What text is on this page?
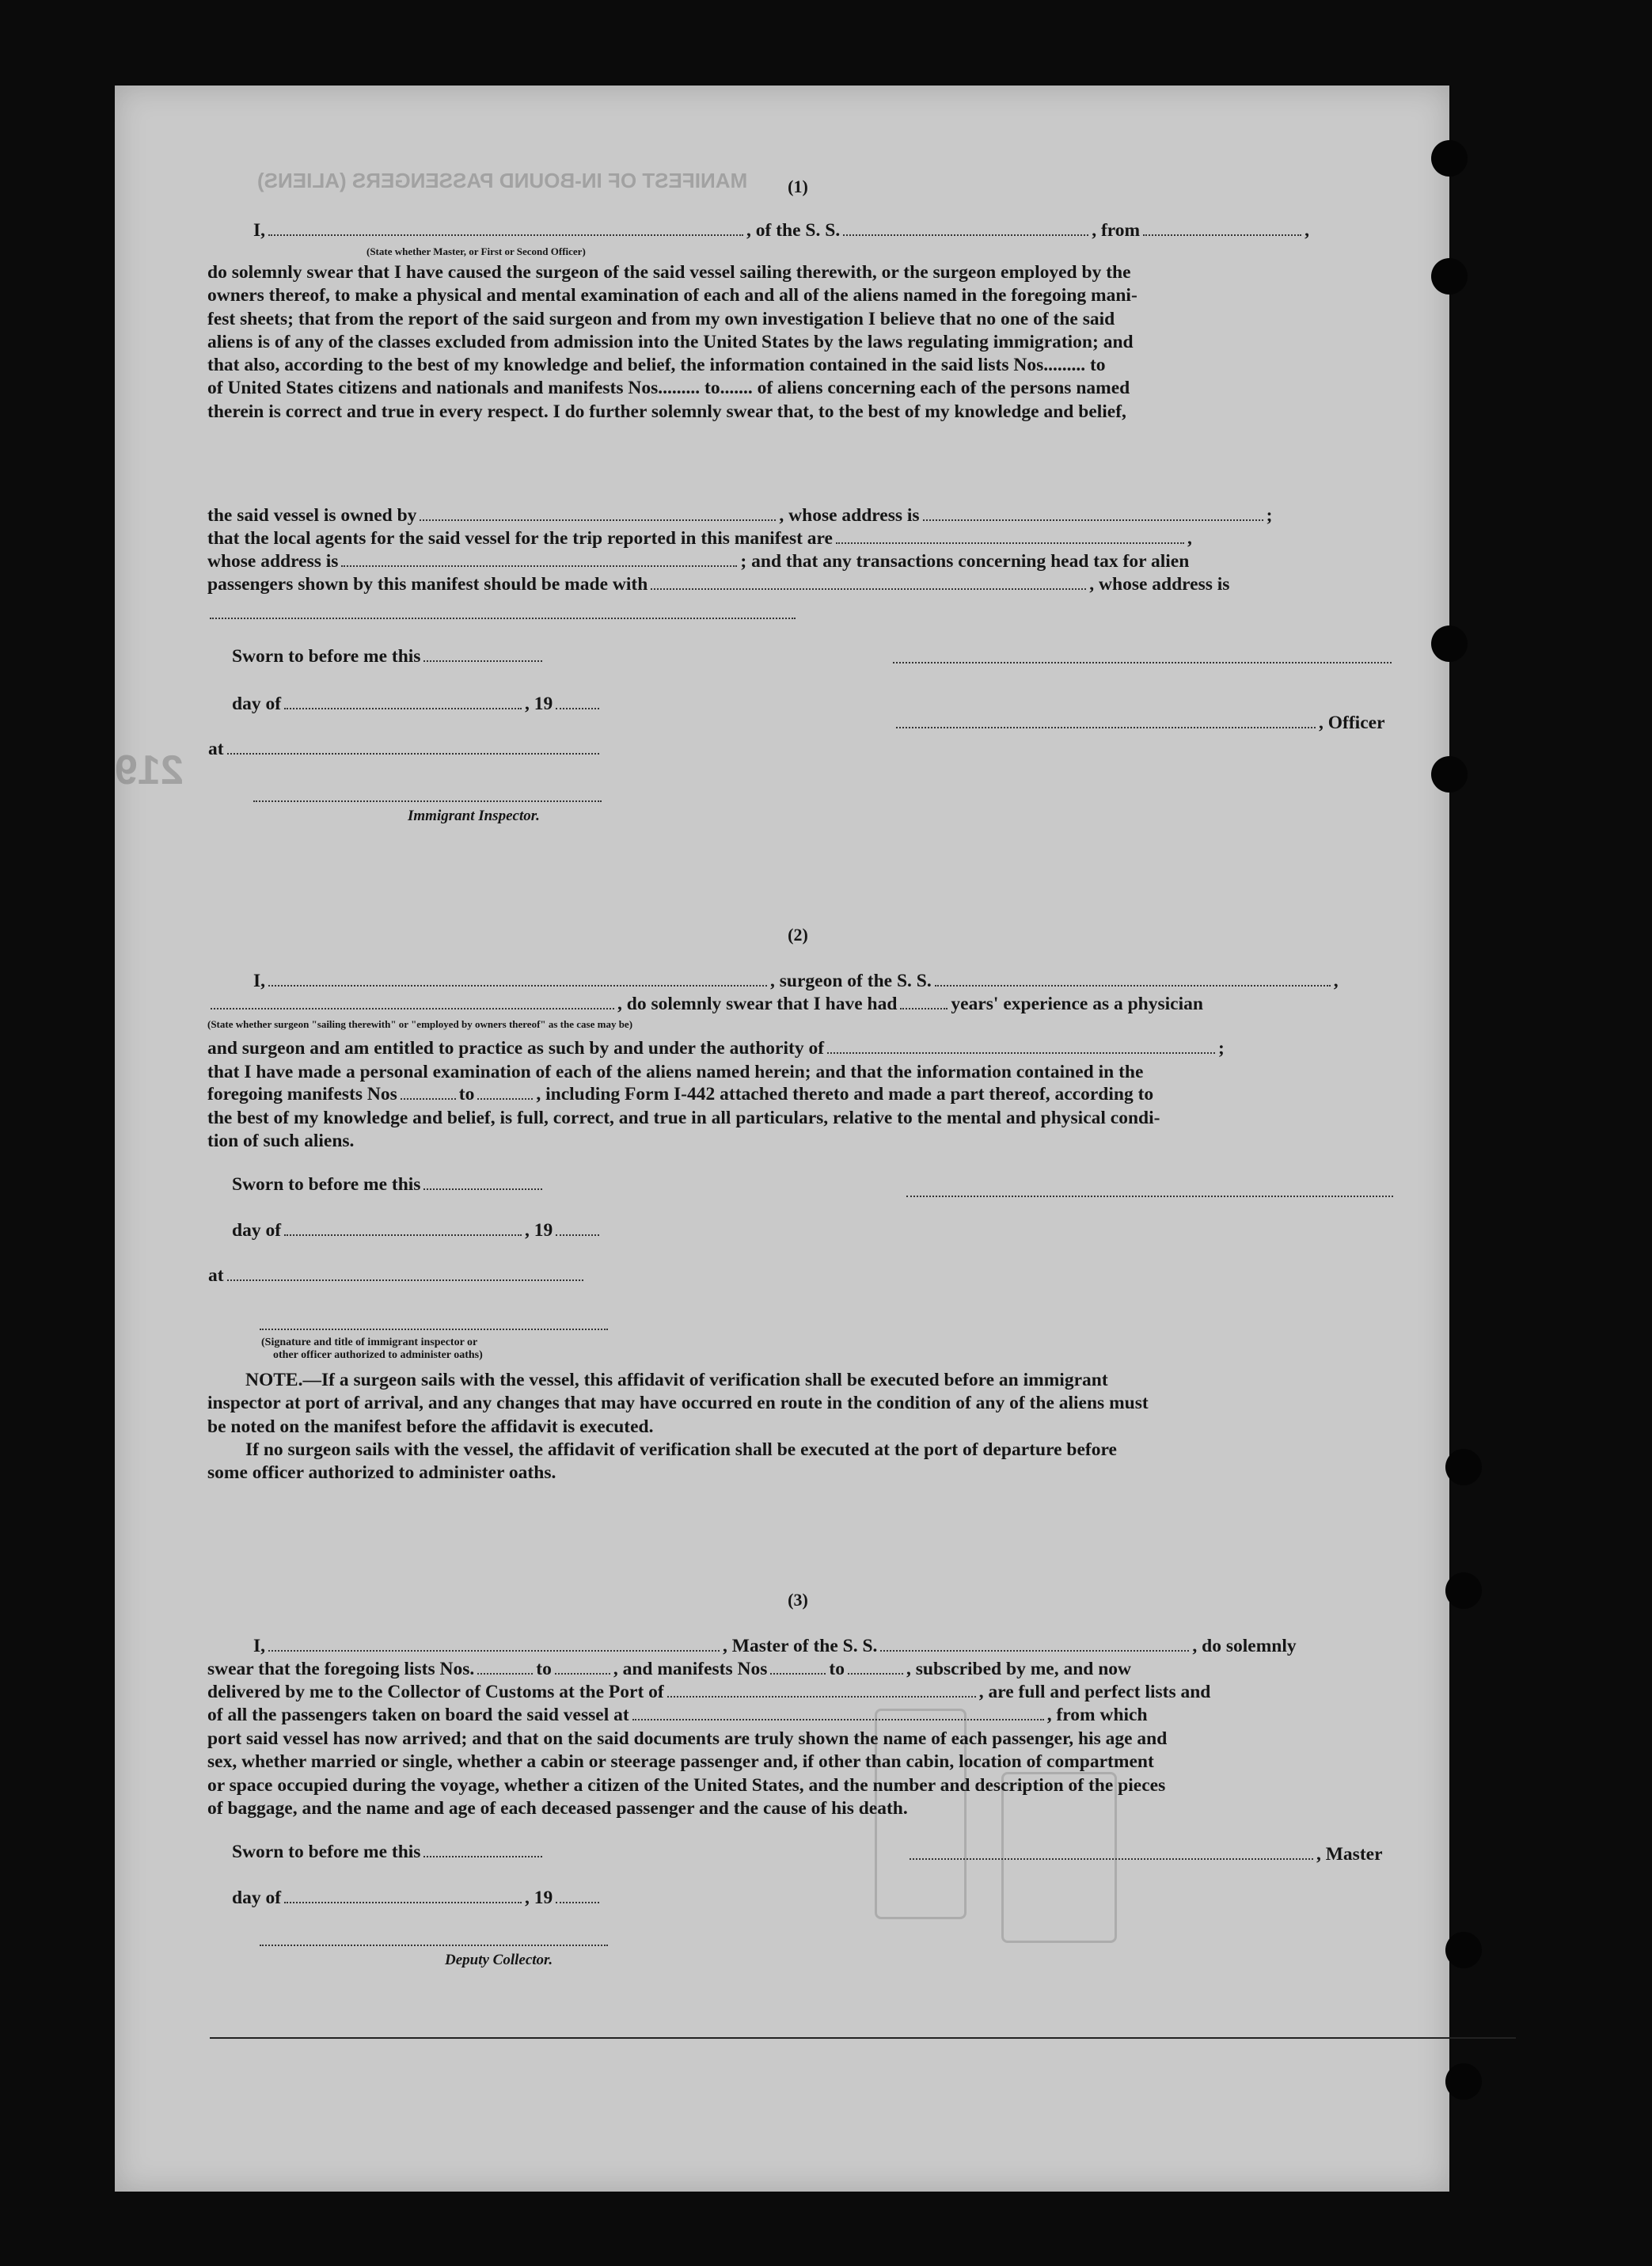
MANIFEST OF IN-BOUND PASSENGERS (ALIENS)
219
(1)
I,	, of the S. S.	, from	,
(State whether Master, or First or Second Officer)
do solemnly swear that I have caused the surgeon of the said vessel sailing therewith, or the surgeon employed by the
owners thereof, to make a physical and mental examination of each and all of the aliens named in the foregoing mani-
fest sheets; that from the report of the said surgeon and from my own investigation I believe that no one of the said
aliens is of any of the classes excluded from admission into the United States by the laws regulating immigration; and
that also, according to the best of my knowledge and belief, the information contained in the said lists Nos......... to
of United States citizens and nationals and manifests Nos......... to....... of aliens concerning each of the persons named
therein is correct and true in every respect. I do further solemnly swear that, to the best of my knowledge and belief,
the said vessel is owned by	, whose address is	;
that the local agents for the said vessel for the trip reported in this manifest are	,
whose address is	; and that any transactions concerning head tax for alien
passengers shown by this manifest should be made with	, whose address is
Sworn to before me this
day of	, 19
, Officer
at
Immigrant Inspector.
(2)
I,	, surgeon of the S. S.	,
, do solemnly swear that I have had	years' experience as a physician
(State whether surgeon "sailing therewith" or "employed by owners thereof" as the case may be)
and surgeon and am entitled to practice as such by and under the authority of	;
that I have made a personal examination of each of the aliens named herein; and that the information contained in the
foregoing manifests Nos	to	, including Form I-442 attached thereto and made a part thereof, according to
the best of my knowledge and belief, is full, correct, and true in all particulars, relative to the mental and physical condi-
tion of such aliens.
Sworn to before me this
day of	, 19
at
(Signature and title of immigrant inspector or
other officer authorized to administer oaths)
NOTE.—If a surgeon sails with the vessel, this affidavit of verification shall be executed before an immigrant
inspector at port of arrival, and any changes that may have occurred en route in the condition of any of the aliens must
be noted on the manifest before the affidavit is executed.
If no surgeon sails with the vessel, the affidavit of verification shall be executed at the port of departure before
some officer authorized to administer oaths.
(3)
I,	, Master of the S. S.	, do solemnly
swear that the foregoing lists Nos.	to	, and manifests Nos	to	, subscribed by me, and now
delivered by me to the Collector of Customs at the Port of	, are full and perfect lists and
of all the passengers taken on board the said vessel at	, from which
port said vessel has now arrived; and that on the said documents are truly shown the name of each passenger, his age and
sex, whether married or single, whether a cabin or steerage passenger and, if other than cabin, location of compartment
or space occupied during the voyage, whether a citizen of the United States, and the number and description of the pieces
of baggage, and the name and age of each deceased passenger and the cause of his death.
Sworn to before me this	, Master
day of	, 19
Deputy Collector.
